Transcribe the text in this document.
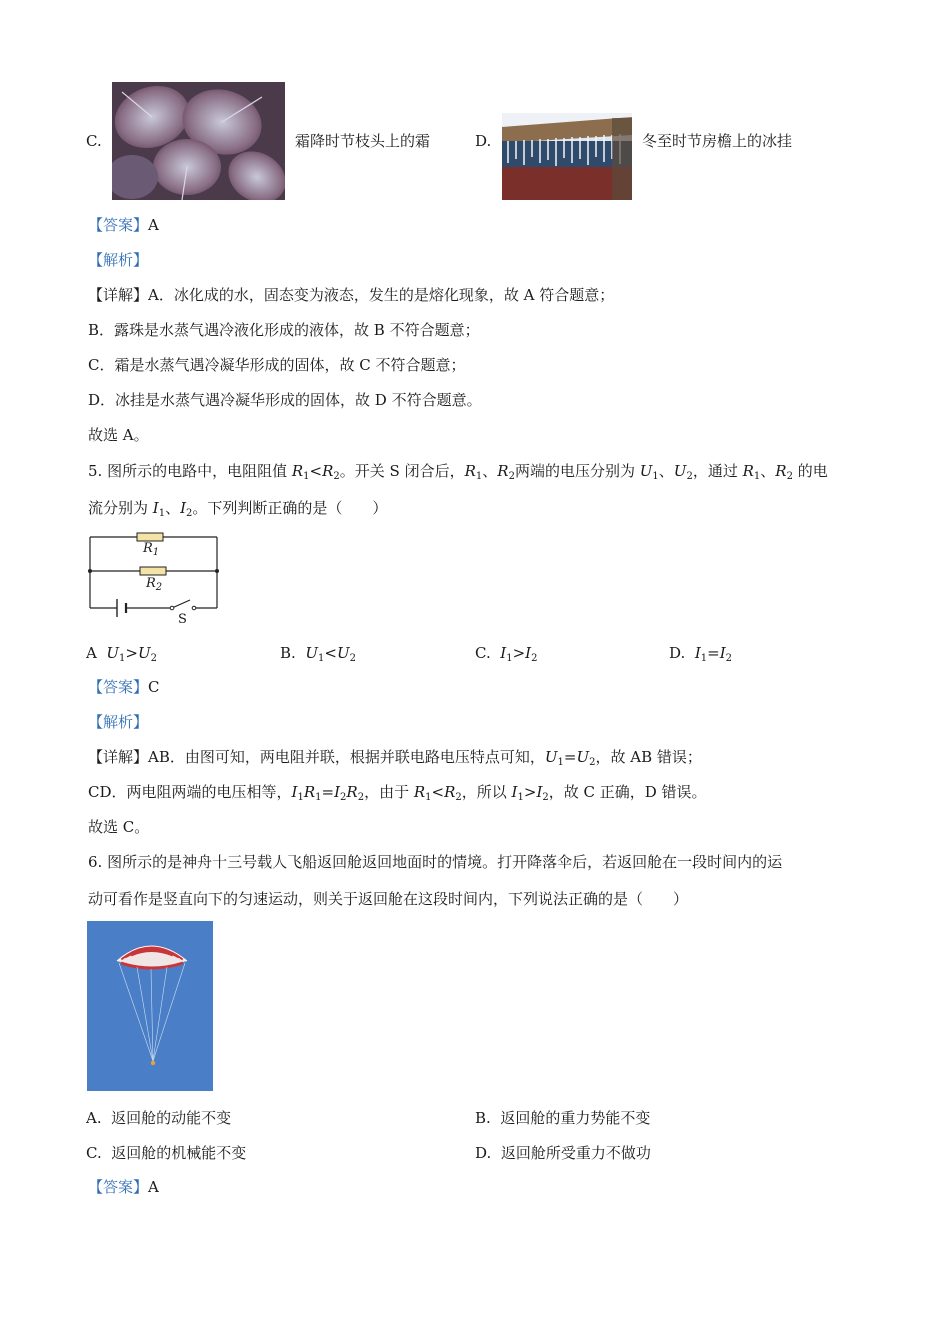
C.	霜降时节枝头上的霜	D.	冬至时节房檐上的冰挂
【答案】A
【解析】
【详解】A．冰化成的水，固态变为液态，发生的是熔化现象，故 A 符合题意；
B．露珠是水蒸气遇冷液化形成的液体，故 B 不符合题意；
C．霜是水蒸气遇冷凝华形成的固体，故 C 不符合题意；
D．冰挂是水蒸气遇冷凝华形成的固体，故 D 不符合题意。
故选 A。
5. 图所示的电路中，电阻阻值 $R_1<R_2$。开关 S 闭合后，$R_1$、$R_2$两端的电压分别为 $U_1$、$U_2$，通过 $R_1$、$R_2$ 的电
流分别为 $I_1$、$I_2$。下列判断正确的是（　　）
$R_1$
$R_2$
S
A $U_1>U_2$	B. $U_1<U_2$	C. $I_1>I_2$	D. $I_1=I_2$
【答案】C
【解析】
【详解】AB．由图可知，两电阻并联，根据并联电路电压特点可知，$U_1=U_2$，故 AB 错误；
CD．两电阻两端的电压相等，$I_1R_1=I_2R_2$，由于 $R_1<R_2$，所以 $I_1>I_2$，故 C 正确，D 错误。
故选 C。
6. 图所示的是神舟十三号载人飞船返回舱返回地面时的情境。打开降落伞后，若返回舱在一段时间内的运
动可看作是竖直向下的匀速运动，则关于返回舱在这段时间内，下列说法正确的是（　　）
A. 返回舱的动能不变	B. 返回舱的重力势能不变
C. 返回舱的机械能不变	D. 返回舱所受重力不做功
【答案】A
